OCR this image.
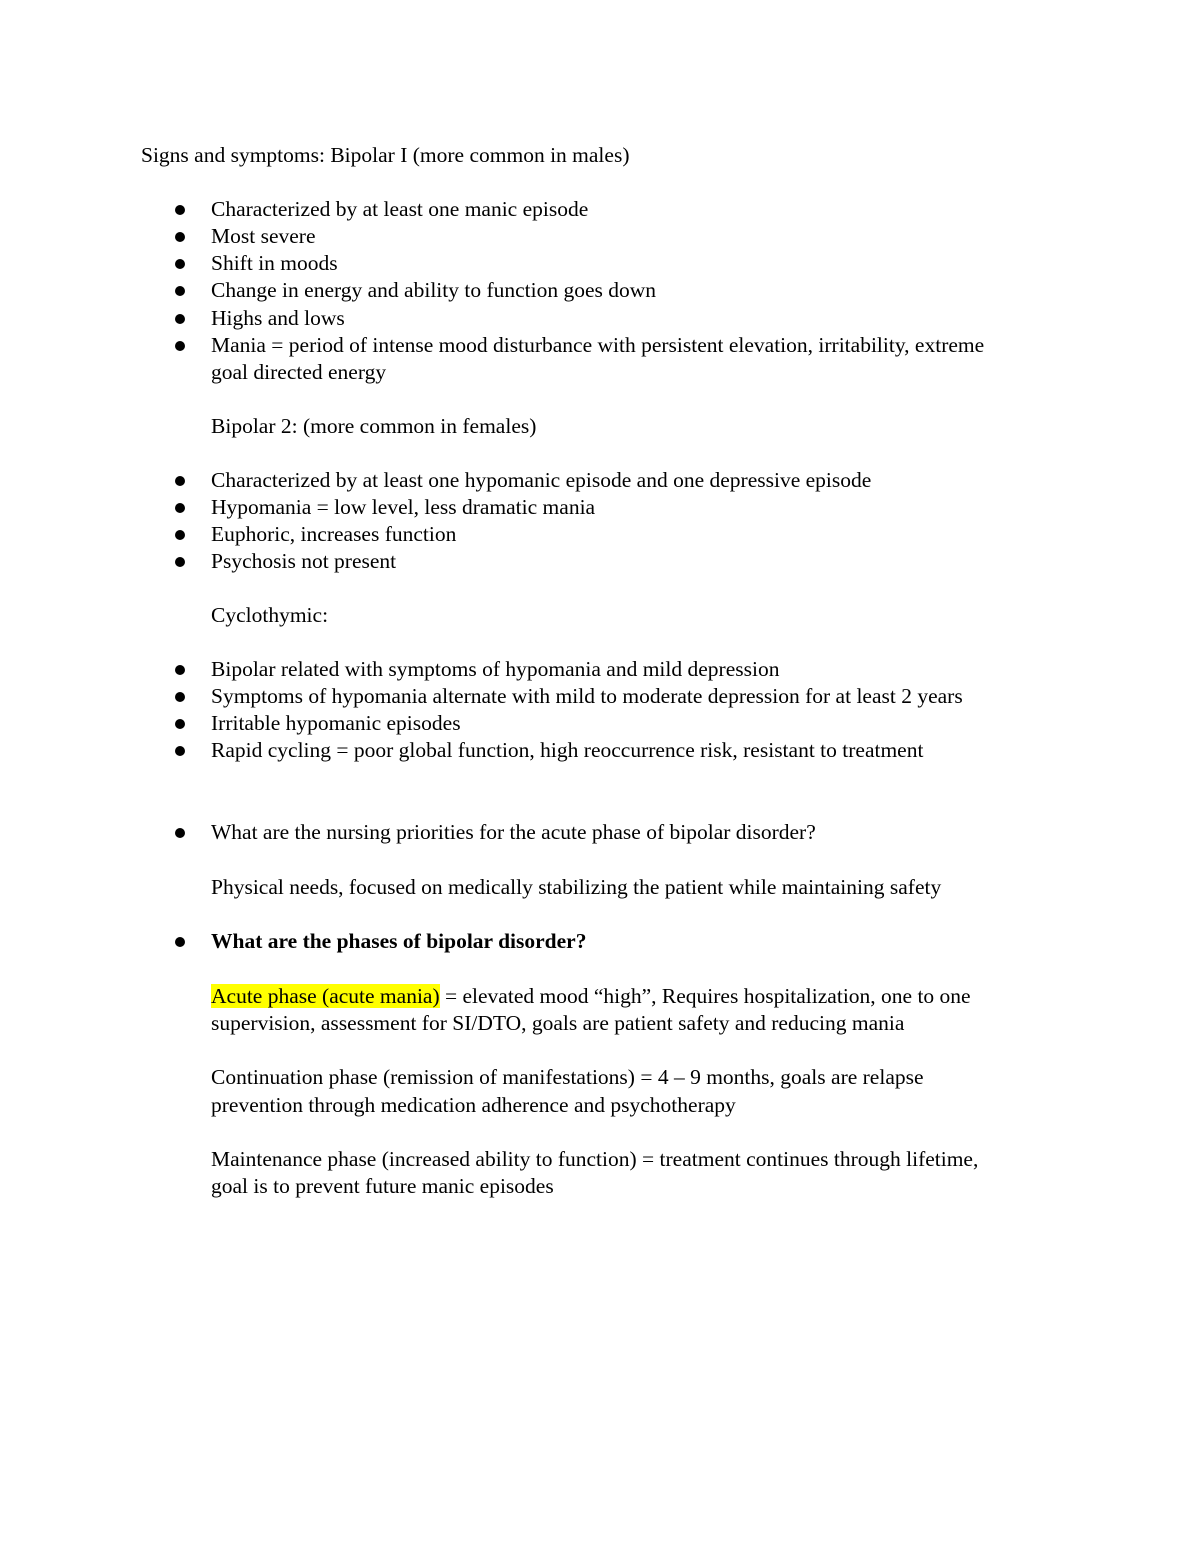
Signs and symptoms: Bipolar I (more common in males)
Characterized by at least one manic episode
Most severe
Shift in moods
Change in energy and ability to function goes down
Highs and lows
Mania = period of intense mood disturbance with persistent elevation, irritability, extreme
goal directed energy
Bipolar 2: (more common in females)
Characterized by at least one hypomanic episode and one depressive episode
Hypomania = low level, less dramatic mania
Euphoric, increases function
Psychosis not present
Cyclothymic:
Bipolar related with symptoms of hypomania and mild depression
Symptoms of hypomania alternate with mild to moderate depression for at least 2 years
Irritable hypomanic episodes
Rapid cycling = poor global function, high reoccurrence risk, resistant to treatment
What are the nursing priorities for the acute phase of bipolar disorder?
Physical needs, focused on medically stabilizing the patient while maintaining safety
What are the phases of bipolar disorder?
Acute phase (acute mania) = elevated mood “high”, Requires hospitalization, one to one
supervision, assessment for SI/DTO, goals are patient safety and reducing mania
Continuation phase (remission of manifestations) = 4 – 9 months, goals are relapse
prevention through medication adherence and psychotherapy
Maintenance phase (increased ability to function) = treatment continues through lifetime,
goal is to prevent future manic episodes
